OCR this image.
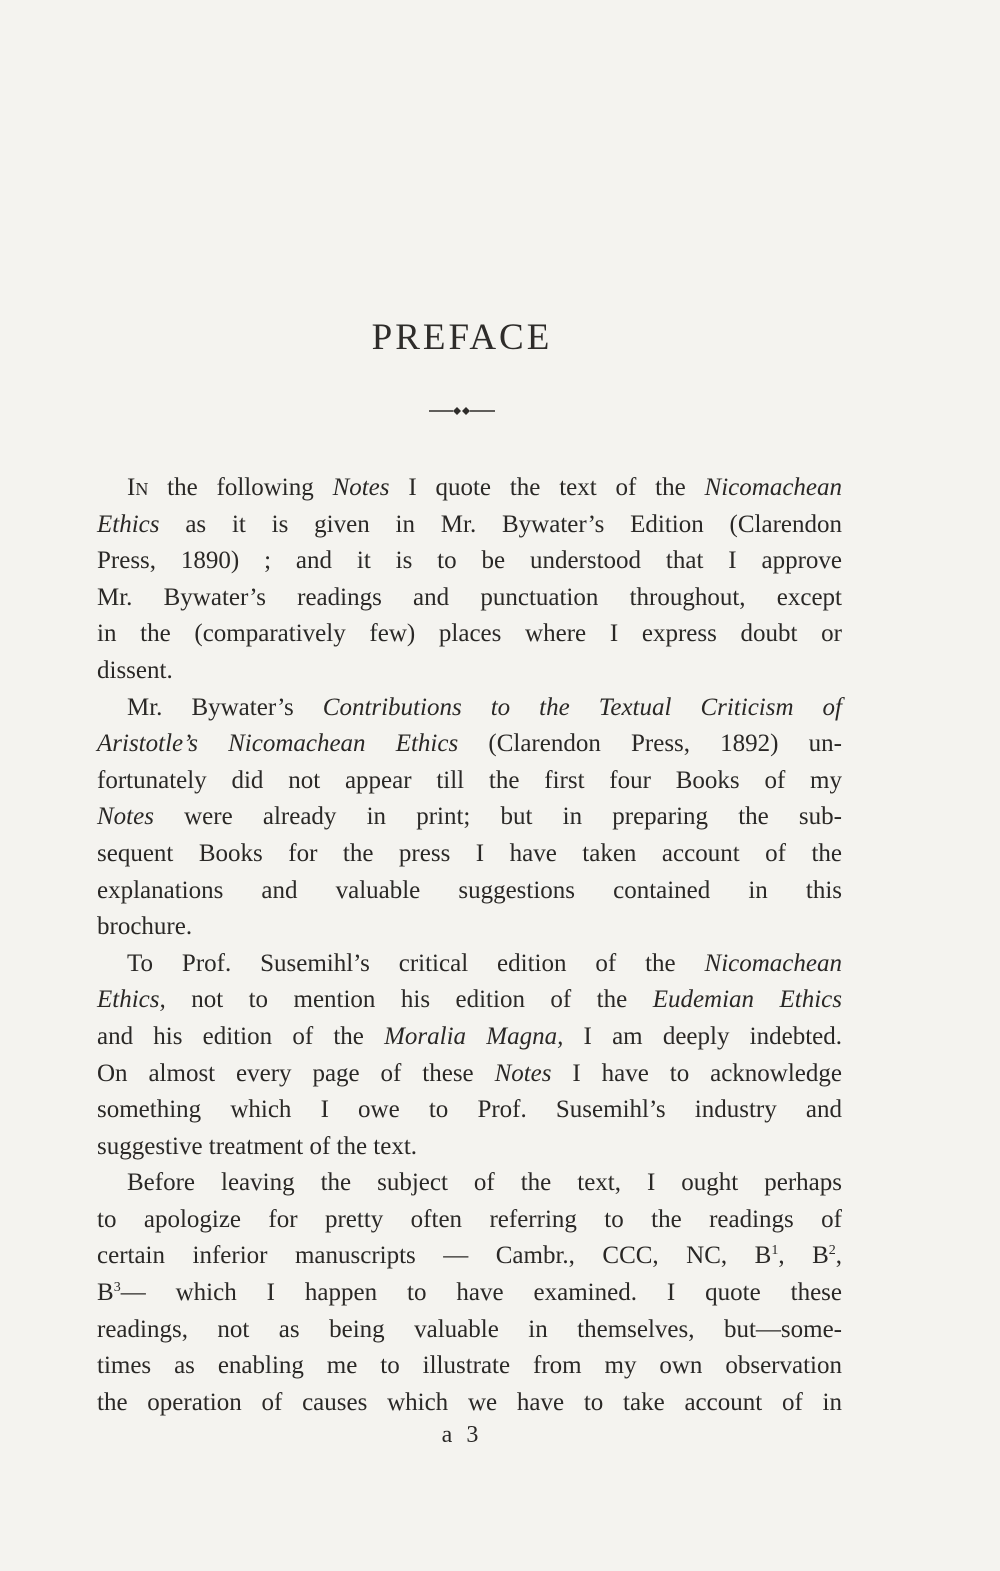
PREFACE
In the following Notes I quote the text of the Nicomachean
Ethics as it is given in Mr. Bywater’s Edition (Clarendon
Press, 1890) ; and it is to be understood that I approve
Mr. Bywater’s readings and punctuation throughout, except
in the (comparatively few) places where I express doubt or
dissent.
Mr. Bywater’s Contributions to the Textual Criticism of
Aristotle’s Nicomachean Ethics (Clarendon Press, 1892) un-
fortunately did not appear till the first four Books of my
Notes were already in print; but in preparing the sub-
sequent Books for the press I have taken account of the
explanations and valuable suggestions contained in this
brochure.
To Prof. Susemihl’s critical edition of the Nicomachean
Ethics, not to mention his edition of the Eudemian Ethics
and his edition of the Moralia Magna, I am deeply indebted.
On almost every page of these Notes I have to acknowledge
something which I owe to Prof. Susemihl’s industry and
suggestive treatment of the text.
Before leaving the subject of the text, I ought perhaps
to apologize for pretty often referring to the readings of
certain inferior manuscripts — Cambr., CCC, NC, $B^1$, $B^2$,
$B^3—$ which I happen to have examined. I quote these
readings, not as being valuable in themselves, but—some-
times as enabling me to illustrate from my own observation
the operation of causes which we have to take account of in
a 3
